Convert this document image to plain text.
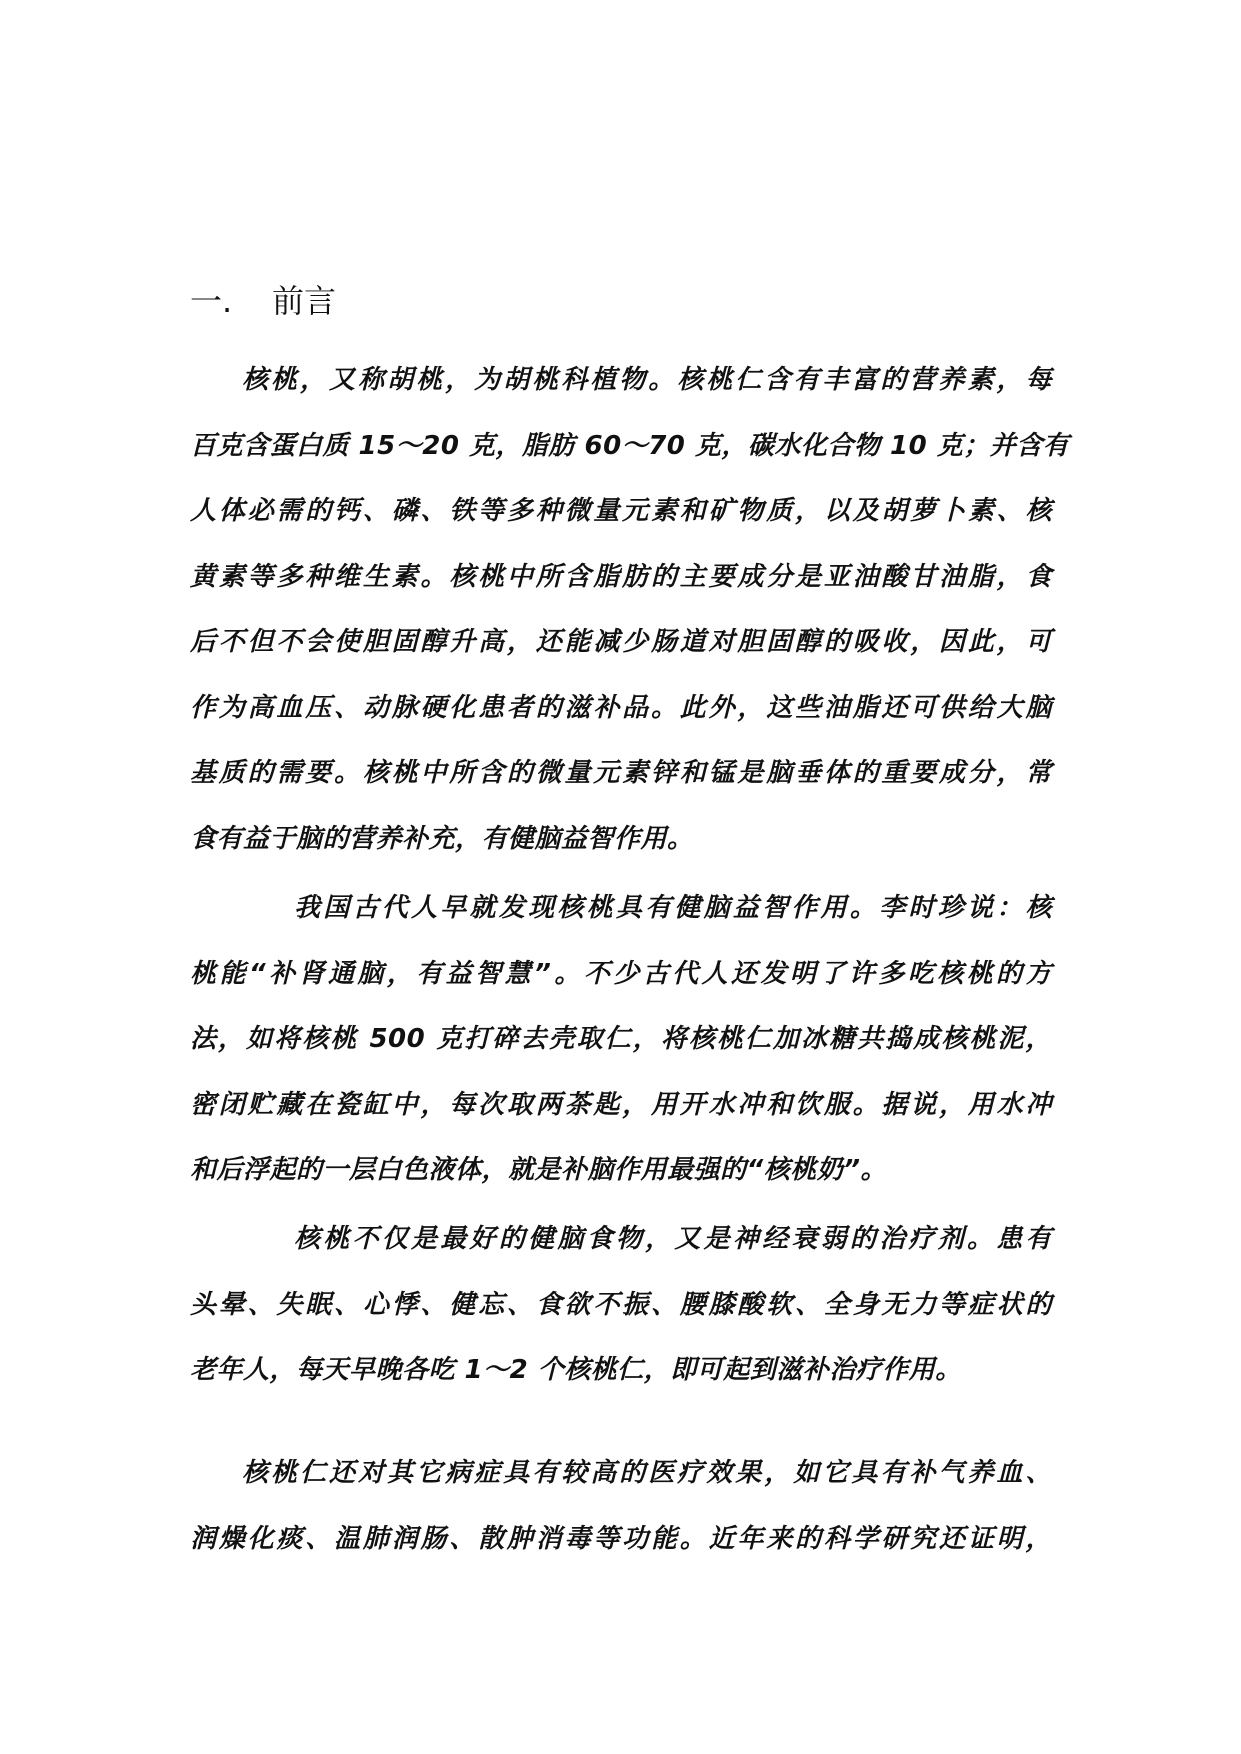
一. 前言
核桃，又称胡桃，为胡桃科植物。核桃仁含有丰富的营养素，每
百克含蛋白质 15～20 克，脂肪 60～70 克，碳水化合物 10 克；并含有
人体必需的钙、磷、铁等多种微量元素和矿物质，以及胡萝卜素、核
黄素等多种维生素。核桃中所含脂肪的主要成分是亚油酸甘油脂，食
后不但不会使胆固醇升高，还能减少肠道对胆固醇的吸收，因此，可
作为高血压、动脉硬化患者的滋补品。此外，这些油脂还可供给大脑
基质的需要。核桃中所含的微量元素锌和锰是脑垂体的重要成分，常
食有益于脑的营养补充，有健脑益智作用。
我国古代人早就发现核桃具有健脑益智作用。李时珍说：核
桃能“补肾通脑，有益智慧”。不少古代人还发明了许多吃核桃的方
法，如将核桃 500 克打碎去壳取仁，将核桃仁加冰糖共捣成核桃泥，
密闭贮藏在瓷缸中，每次取两茶匙，用开水冲和饮服。据说，用水冲
和后浮起的一层白色液体，就是补脑作用最强的“核桃奶”。
核桃不仅是最好的健脑食物，又是神经衰弱的治疗剂。患有
头晕、失眠、心悸、健忘、食欲不振、腰膝酸软、全身无力等症状的
老年人，每天早晚各吃 1～2 个核桃仁，即可起到滋补治疗作用。
核桃仁还对其它病症具有较高的医疗效果，如它具有补气养血、
润燥化痰、温肺润肠、散肿消毒等功能。近年来的科学研究还证明，
